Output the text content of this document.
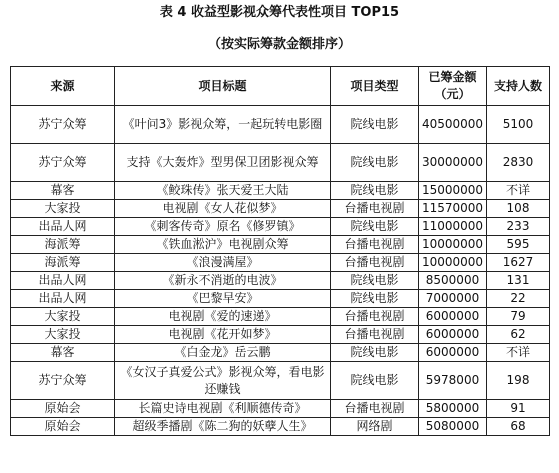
表 4 收益型影视众筹代表性项目 TOP15
（按实际筹款金额排序）
来源	项目标题	项目类型	已筹金额（元）	支持人数
苏宁众筹	《叶问3》影视众筹，一起玩转电影圈	院线电影	40500000	5100
苏宁众筹	支持《大轰炸》型男保卫团影视众筹	院线电影	30000000	2830
幕客	《鲛珠传》张天爱王大陆	院线电影	15000000	不详
大家投	电视剧《女人花似梦》	台播电视剧	11570000	108
出品人网	《刺客传奇》原名《修罗镇》	院线电影	11000000	233
海派筹	《铁血淞沪》电视剧众筹	台播电视剧	10000000	595
海派筹	《浪漫满屋》	台播电视剧	10000000	1627
出品人网	《新永不消逝的电波》	院线电影	8500000	131
出品人网	《巴黎早安》	院线电影	7000000	22
大家投	电视剧《爱的速递》	台播电视剧	6000000	79
大家投	电视剧《花开如梦》	台播电视剧	6000000	62
幕客	《白金龙》岳云鹏	院线电影	6000000	不详
苏宁众筹	《女汉子真爱公式》影视众筹，看电影还赚钱	院线电影	5978000	198
原始会	长篇史诗电视剧《利顺德传奇》	台播电视剧	5800000	91
原始会	超级季播剧《陈二狗的妖孽人生》	网络剧	5080000	68
